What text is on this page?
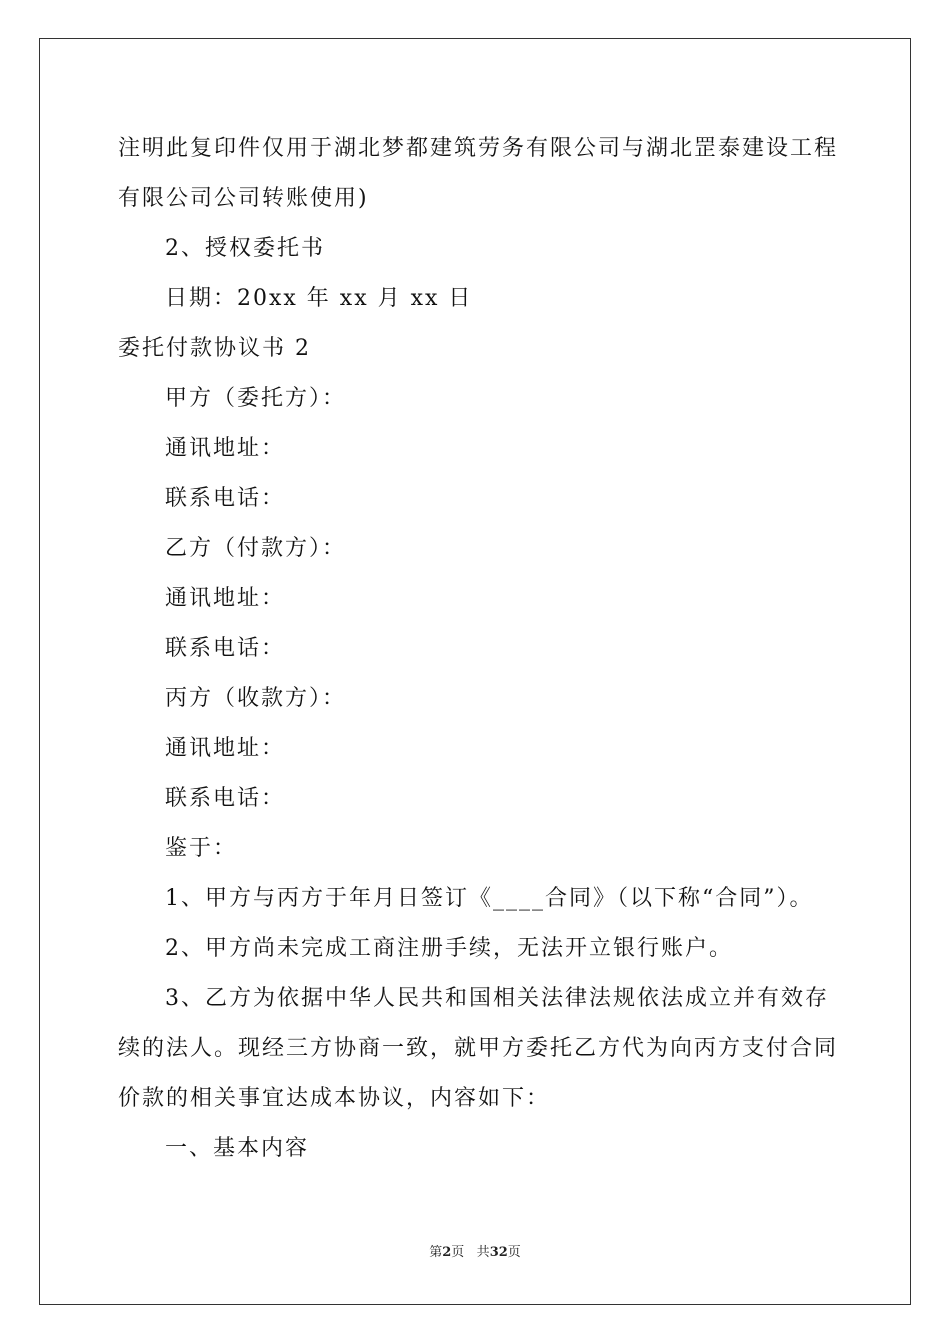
注明此复印件仅用于湖北梦都建筑劳务有限公司与湖北罡泰建设工程
有限公司公司转账使用)
2、授权委托书
日期：20xx 年 xx 月 xx 日
委托付款协议书 2
甲方（委托方）：
通讯地址：
联系电话：
乙方（付款方）：
通讯地址：
联系电话：
丙方（收款方）：
通讯地址：
联系电话：
鉴于：
1、甲方与丙方于年月日签订《____合同》（以下称“合同”）。
2、甲方尚未完成工商注册手续，无法开立银行账户。
3、乙方为依据中华人民共和国相关法律法规依法成立并有效存
续的法人。现经三方协商一致，就甲方委托乙方代为向丙方支付合同
价款的相关事宜达成本协议，内容如下：
一、基本内容
第2页 共32页
